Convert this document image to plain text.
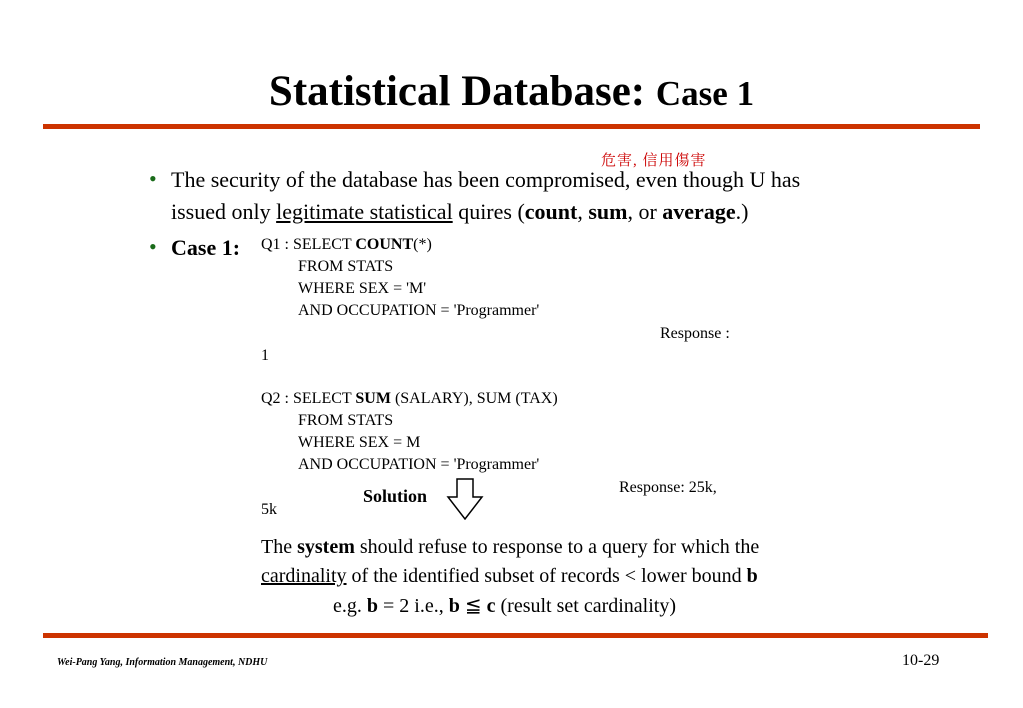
Statistical Database: Case 1
危害, 信用傷害
• The security of the database has been compromised, even though U has
issued only legitimate statistical quires (count, sum, or average.)
• Case 1: Q1 : SELECT COUNT(*)
FROM STATS
WHERE SEX = 'M'
AND OCCUPATION = 'Programmer'
Response :
1
Q2 : SELECT SUM (SALARY), SUM (TAX)
FROM STATS
WHERE SEX = M
AND OCCUPATION = 'Programmer'
Response: 25k,
5k
Solution
The system should refuse to response to a query for which the
cardinality of the identified subset of records < lower bound b
e.g. b = 2 i.e., b ≦ c (result set cardinality)
Wei-Pang Yang, Information Management, NDHU	10-29
